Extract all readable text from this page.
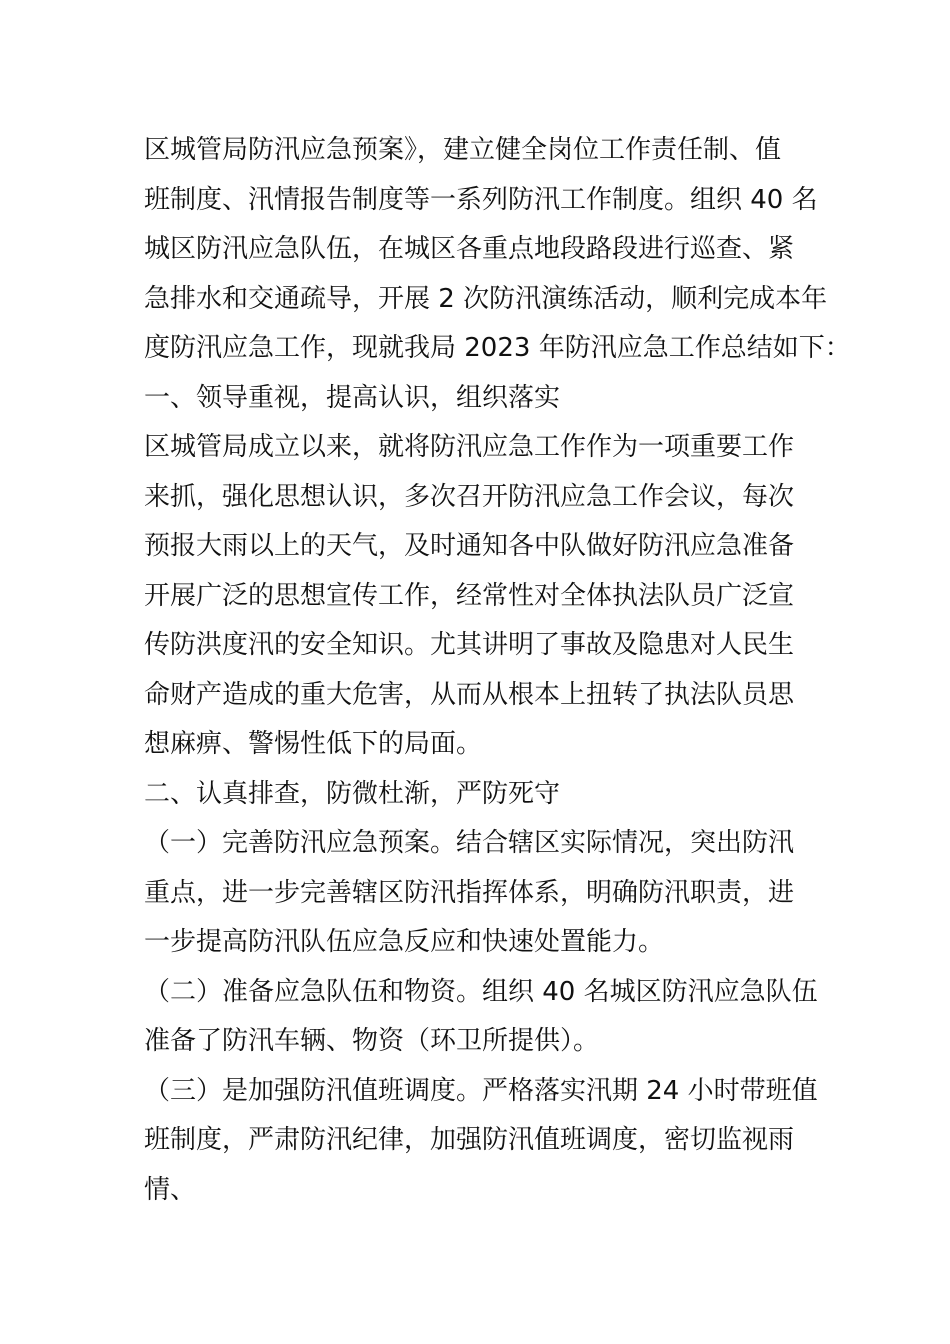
区城管局防汛应急预案》，建立健全岗位工作责任制、值
班制度、汛情报告制度等一系列防汛工作制度。组织 40 名
城区防汛应急队伍，在城区各重点地段路段进行巡查、紧
急排水和交通疏导，开展 2 次防汛演练活动，顺利完成本年
度防汛应急工作，现就我局 2023 年防汛应急工作总结如下：
一、领导重视，提高认识，组织落实
区城管局成立以来，就将防汛应急工作作为一项重要工作
来抓，强化思想认识，多次召开防汛应急工作会议，每次
预报大雨以上的天气，及时通知各中队做好防汛应急准备
开展广泛的思想宣传工作，经常性对全体执法队员广泛宣
传防洪度汛的安全知识。尤其讲明了事故及隐患对人民生
命财产造成的重大危害，从而从根本上扭转了执法队员思
想麻痹、警惕性低下的局面。
二、认真排查，防微杜渐，严防死守
（一）完善防汛应急预案。结合辖区实际情况，突出防汛
重点，进一步完善辖区防汛指挥体系，明确防汛职责，进
一步提高防汛队伍应急反应和快速处置能力。
（二）准备应急队伍和物资。组织 40 名城区防汛应急队伍
准备了防汛车辆、物资（环卫所提供）。
（三）是加强防汛值班调度。严格落实汛期 24 小时带班值
班制度，严肃防汛纪律，加强防汛值班调度，密切监视雨
情、
